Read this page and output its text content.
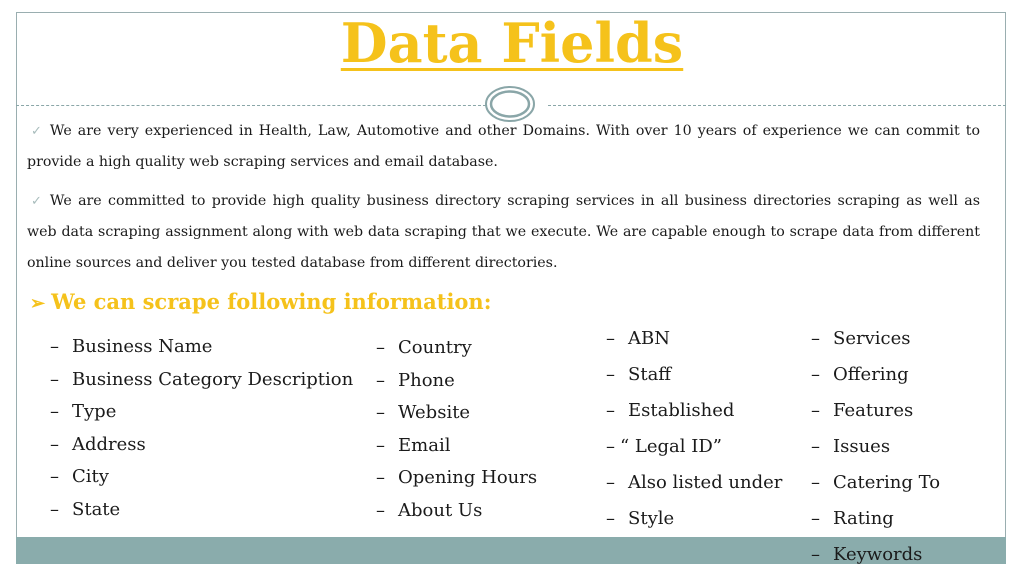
Data Fields
✓ We are very experienced in Health, Law, Automotive and other Domains. With over 10 years of experience we can commit to provide a high quality web scraping services and email database.
✓ We are committed to provide high quality business directory scraping services in all business directories scraping as well as web data scraping assignment along with web data scraping that we execute. We are capable enough to scrape data from different online sources and deliver you tested database from different directories.
➢ We can scrape following information:
– Business Name
– Business Category Description
– Type
– Address
– City
– State
– Country
– Phone
– Website
– Email
– Opening Hours
– About Us
– ABN
– Staff
– Established
– “ Legal ID”
– Also listed under
– Style
– Services
– Offering
– Features
– Issues
– Catering To
– Rating
– Keywords
